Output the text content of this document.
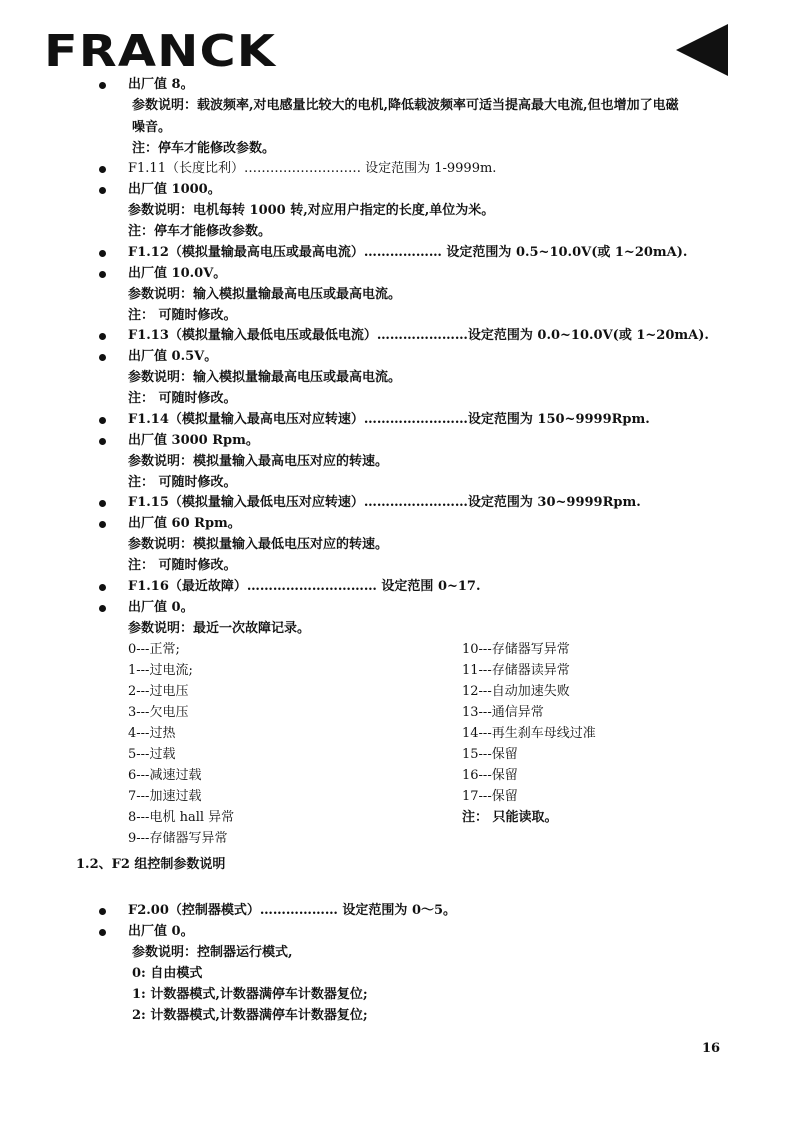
FRANCK
出厂值 8。
参数说明：载波频率,对电感量比较大的电机,降低载波频率可适当提高最大电流,但也增加了电磁
噪音。
注：停车才能修改参数。
F1.11（长度比利）……………………… 设定范围为 1-9999m.
出厂值 1000。
参数说明：电机每转 1000 转,对应用户指定的长度,单位为米。
注：停车才能修改参数。
F1.12（模拟量输最高电压或最高电流）……………… 设定范围为 0.5~10.0V(或 1~20mA).
出厂值 10.0V。
参数说明：输入模拟量输最高电压或最高电流。
注： 可随时修改。
F1.13（模拟量输入最低电压或最低电流）…………………设定范围为 0.0~10.0V(或 1~20mA).
出厂值 0.5V。
参数说明：输入模拟量输最高电压或最高电流。
注： 可随时修改。
F1.14（模拟量输入最高电压对应转速）……………………设定范围为 150~9999Rpm.
出厂值 3000 Rpm。
参数说明：模拟量输入最高电压对应的转速。
注： 可随时修改。
F1.15（模拟量输入最低电压对应转速）……………………设定范围为 30~9999Rpm.
出厂值 60 Rpm。
参数说明：模拟量输入最低电压对应的转速。
注： 可随时修改。
F1.16（最近故障）………………………… 设定范围 0~17.
出厂值 0。
参数说明：最近一次故障记录。
0---正常;
1---过电流;
2---过电压
3---欠电压
4---过热
5---过载
6---减速过载
7---加速过载
8---电机 hall 异常
9---存储器写异常
10---存储器写异常
11---存储器读异常
12---自动加速失败
13---通信异常
14---再生刹车母线过准
15---保留
16---保留
17---保留
注： 只能读取。
1.2、F2 组控制参数说明
F2.00（控制器模式）……………… 设定范围为 0～5。
出厂值 0。
参数说明：控制器运行模式,
0: 自由模式
1: 计数器模式,计数器满停车计数器复位;
2: 计数器模式,计数器满停车计数器复位;
16
